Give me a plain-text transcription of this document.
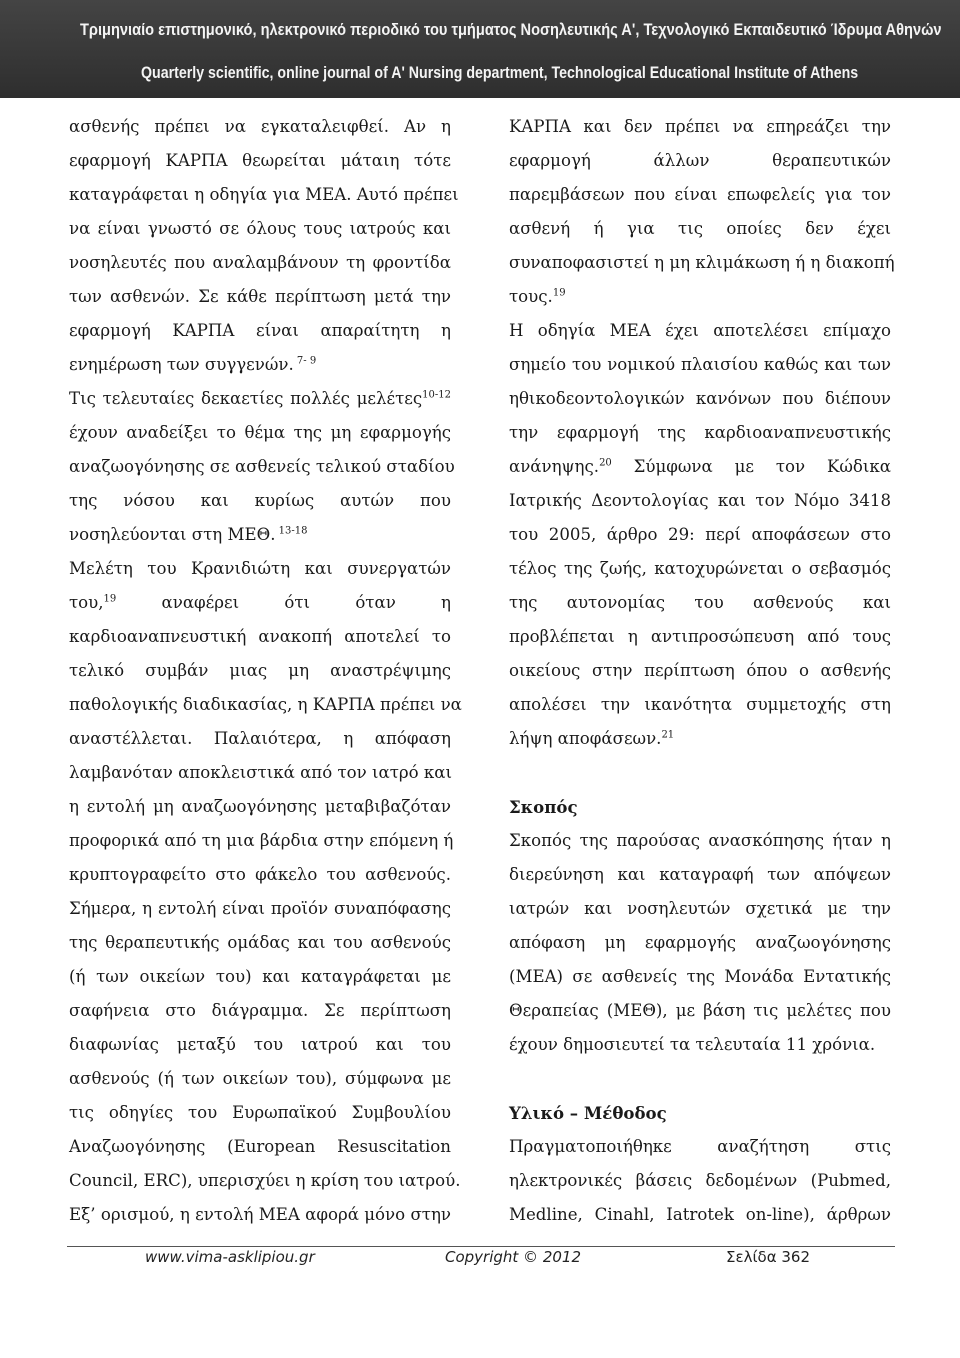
Τριμηνιαίο επιστημονικό, ηλεκτρονικό περιοδικό του τμήματος Νοσηλευτικής Α', Τεχνολογικό Εκπαιδευτικό Ίδρυμα Αθηνών
Quarterly scientific, online journal of A' Nursing department, Technological Educational Institute of Athens
ασθενής πρέπει να εγκαταλειφθεί. Αν η
εφαρμογή ΚΑΡΠΑ θεωρείται μάταιη τότε
καταγράφεται η οδηγία για ΜΕΑ. Αυτό πρέπει
να είναι γνωστό σε όλους τους ιατρούς και
νοσηλευτές που αναλαμβάνουν τη φροντίδα
των ασθενών. Σε κάθε περίπτωση μετά την
εφαρμογή ΚΑΡΠΑ είναι απαραίτητη η
ενημέρωση των συγγενών. $^{7- 9}$
Τις τελευταίες δεκαετίες πολλές μελέτες$^{10-12}$
έχουν αναδείξει το θέμα της μη εφαρμογής
αναζωογόνησης σε ασθενείς τελικού σταδίου
της νόσου και κυρίως αυτών που
νοσηλεύονται στη ΜΕΘ. $^{13-18}$
Μελέτη του Κρανιδιώτη και συνεργατών
του,$^{19}$ αναφέρει ότι όταν η
καρδιοαναπνευστική ανακοπή αποτελεί το
τελικό συμβάν μιας μη αναστρέψιμης
παθολογικής διαδικασίας, η ΚΑΡΠΑ πρέπει να
αναστέλλεται. Παλαιότερα, η απόφαση
λαμβανόταν αποκλειστικά από τον ιατρό και
η εντολή μη αναζωογόνησης μεταβιβαζόταν
προφορικά από τη μια βάρδια στην επόμενη ή
κρυπτογραφείτο στο φάκελο του ασθενούς.
Σήμερα, η εντολή είναι προϊόν συναπόφασης
της θεραπευτικής ομάδας και του ασθενούς
(ή των οικείων του) και καταγράφεται με
σαφήνεια στο διάγραμμα. Σε περίπτωση
διαφωνίας μεταξύ του ιατρού και του
ασθενούς (ή των οικείων του), σύμφωνα με
τις οδηγίες του Ευρωπαϊκού Συμβουλίου
Αναζωογόνησης (European Resuscitation
Council, ERC), υπερισχύει η κρίση του ιατρού.
Εξ’ ορισμού, η εντολή ΜΕΑ αφορά μόνο στην
ΚΑΡΠΑ και δεν πρέπει να επηρεάζει την
εφαρμογή άλλων θεραπευτικών
παρεμβάσεων που είναι επωφελείς για τον
ασθενή ή για τις οποίες δεν έχει
συναποφασιστεί η μη κλιμάκωση ή η διακοπή
τους.$^{19}$
Η οδηγία ΜΕΑ έχει αποτελέσει επίμαχο
σημείο του νομικού πλαισίου καθώς και των
ηθικοδεοντολογικών κανόνων που διέπουν
την εφαρμογή της καρδιοαναπνευστικής
ανάνηψης.$^{20}$ Σύμφωνα με τον Κώδικα
Ιατρικής Δεοντολογίας και τον Νόμο 3418
του 2005, άρθρο 29: περί αποφάσεων στο
τέλος της ζωής, κατοχυρώνεται ο σεβασμός
της αυτονομίας του ασθενούς και
προβλέπεται η αντιπροσώπευση από τους
οικείους στην περίπτωση όπου ο ασθενής
απολέσει την ικανότητα συμμετοχής στη
λήψη αποφάσεων.$^{21}$
Σκοπός
Σκοπός της παρούσας ανασκόπησης ήταν η
διερεύνηση και καταγραφή των απόψεων
ιατρών και νοσηλευτών σχετικά με την
απόφαση μη εφαρμογής αναζωογόνησης
(ΜΕΑ) σε ασθενείς της Μονάδα Εντατικής
Θεραπείας (ΜΕΘ), με βάση τις μελέτες που
έχουν δημοσιευτεί τα τελευταία 11 χρόνια.
Υλικό – Μέθοδος
Πραγματοποιήθηκε αναζήτηση στις
ηλεκτρονικές βάσεις δεδομένων (Pubmed,
Medline, Cinahl, Iatrotek on-line), άρθρων
www.vima-asklipiou.gr	Copyright © 2012	Σελίδα 362
